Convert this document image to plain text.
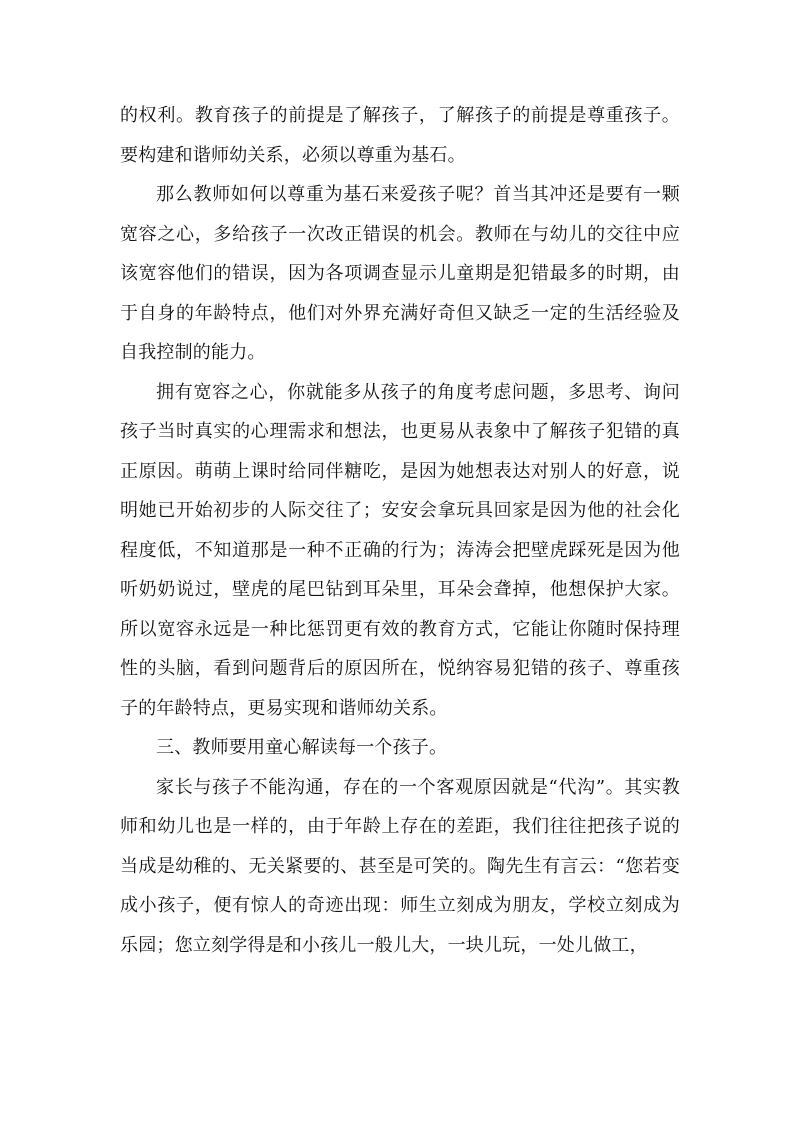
的权利。教育孩子的前提是了解孩子，了解孩子的前提是尊重孩子。要构建和谐师幼关系，必须以尊重为基石。

那么教师如何以尊重为基石来爱孩子呢？首当其冲还是要有一颗宽容之心，多给孩子一次改正错误的机会。教师在与幼儿的交往中应该宽容他们的错误，因为各项调查显示儿童期是犯错最多的时期，由于自身的年龄特点，他们对外界充满好奇但又缺乏一定的生活经验及自我控制的能力。

拥有宽容之心，你就能多从孩子的角度考虑问题，多思考、询问孩子当时真实的心理需求和想法，也更易从表象中了解孩子犯错的真正原因。萌萌上课时给同伴糖吃，是因为她想表达对别人的好意，说明她已开始初步的人际交往了；安安会拿玩具回家是因为他的社会化程度低，不知道那是一种不正确的行为；涛涛会把壁虎踩死是因为他听奶奶说过，壁虎的尾巴钻到耳朵里，耳朵会聋掉，他想保护大家。所以宽容永远是一种比惩罚更有效的教育方式，它能让你随时保持理性的头脑，看到问题背后的原因所在，悦纳容易犯错的孩子、尊重孩子的年龄特点，更易实现和谐师幼关系。

三、教师要用童心解读每一个孩子。

家长与孩子不能沟通，存在的一个客观原因就是“代沟”。其实教师和幼儿也是一样的，由于年龄上存在的差距，我们往往把孩子说的当成是幼稚的、无关紧要的、甚至是可笑的。陶先生有言云：“您若变成小孩子，便有惊人的奇迹出现：师生立刻成为朋友，学校立刻成为乐园；您立刻学得是和小孩儿一般儿大，一块儿玩，一处儿做工，
